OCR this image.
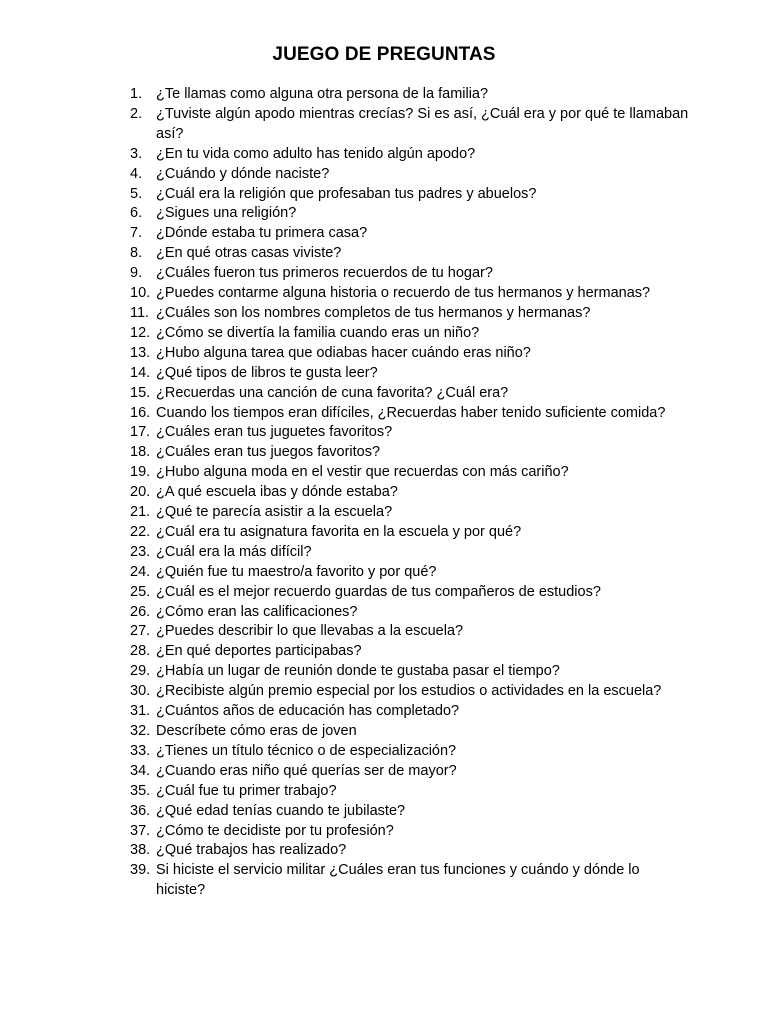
JUEGO DE PREGUNTAS
1. ¿Te llamas como alguna otra persona de la familia?
2. ¿Tuviste algún apodo mientras crecías? Si es así, ¿Cuál era y por qué te llamaban así?
3. ¿En tu vida como adulto has tenido algún apodo?
4. ¿Cuándo y dónde naciste?
5. ¿Cuál era la religión que profesaban tus padres y abuelos?
6. ¿Sigues una religión?
7. ¿Dónde estaba tu primera casa?
8. ¿En qué otras casas viviste?
9. ¿Cuáles fueron tus primeros recuerdos de tu hogar?
10. ¿Puedes contarme alguna historia o recuerdo de tus hermanos y hermanas?
11. ¿Cuáles son los nombres completos de tus hermanos y hermanas?
12. ¿Cómo se divertía la familia cuando eras un niño?
13. ¿Hubo alguna tarea que odiabas hacer cuándo eras niño?
14. ¿Qué tipos de libros te gusta leer?
15. ¿Recuerdas una canción de cuna favorita? ¿Cuál era?
16. Cuando los tiempos eran difíciles, ¿Recuerdas haber tenido suficiente comida?
17. ¿Cuáles eran tus juguetes favoritos?
18. ¿Cuáles eran tus juegos favoritos?
19. ¿Hubo alguna moda en el vestir que recuerdas con más cariño?
20. ¿A qué escuela ibas y dónde estaba?
21. ¿Qué te parecía asistir a la escuela?
22. ¿Cuál era tu asignatura favorita en la escuela y por qué?
23. ¿Cuál era la más difícil?
24. ¿Quién fue tu maestro/a favorito y por qué?
25. ¿Cuál es el mejor recuerdo guardas de tus compañeros de estudios?
26. ¿Cómo eran las calificaciones?
27. ¿Puedes describir lo que llevabas a la escuela?
28. ¿En qué deportes participabas?
29. ¿Había un lugar de reunión donde te gustaba pasar el tiempo?
30. ¿Recibiste algún premio especial por los estudios o actividades en la escuela?
31. ¿Cuántos años de educación has completado?
32. Descríbete cómo eras de joven
33. ¿Tienes un título técnico o de especialización?
34. ¿Cuando eras niño qué querías ser de mayor?
35. ¿Cuál fue tu primer trabajo?
36. ¿Qué edad tenías cuando te jubilaste?
37. ¿Cómo te decidiste por tu profesión?
38. ¿Qué trabajos has realizado?
39. Si hiciste el servicio militar ¿Cuáles eran tus funciones y cuándo y dónde lo hiciste?
